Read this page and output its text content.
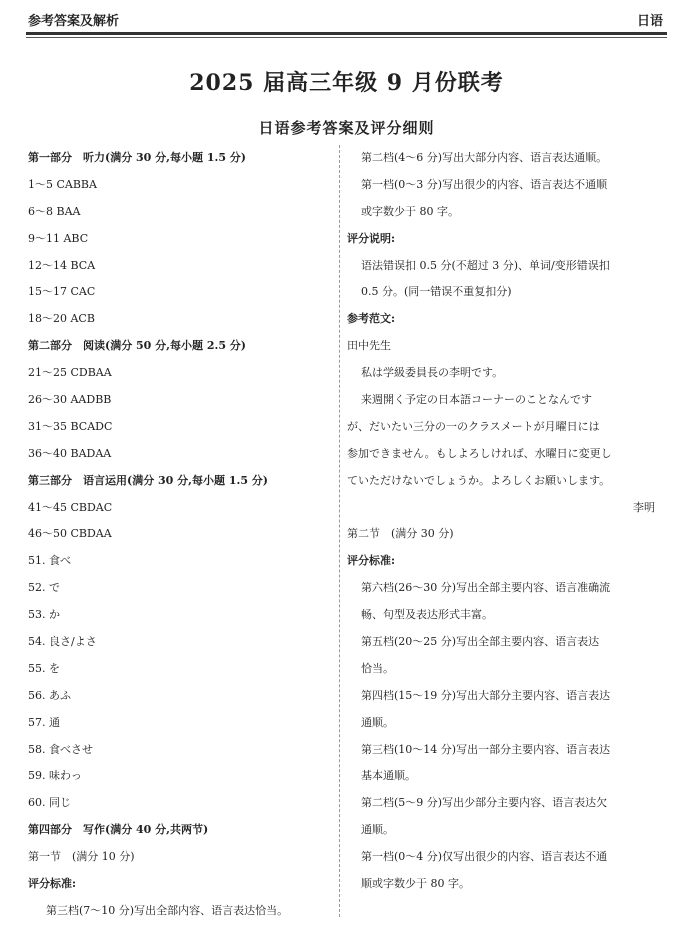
参考答案及解析	日语
2025 届高三年级 9 月份联考
日语参考答案及评分细则
第一部分　听力(满分 30 分,每小题 1.5 分)
1～5 CABBA
6～8 BAA
9～11 ABC
12～14 BCA
15～17 CAC
18～20 ACB
第二部分　阅读(满分 50 分,每小题 2.5 分)
21～25 CDBAA
26～30 AADBB
31～35 BCADC
36～40 BADAA
第三部分　语言运用(满分 30 分,每小题 1.5 分)
41～45 CBDAC
46～50 CBDAA
51. 食べ
52. で
53. か
54. 良さ/よさ
55. を
56. あふ
57. 通
58. 食べさせ
59. 味わっ
60. 同じ
第四部分　写作(满分 40 分,共两节)
第一节　(满分 10 分)
评分标准:
第三档(7～10 分)写出全部内容、语言表达恰当。
第二档(4～6 分)写出大部分内容、语言表达通顺。
第一档(0～3 分)写出很少的内容、语言表达不通顺
或字数少于 80 字。
评分说明:
语法错误扣 0.5 分(不超过 3 分)、单词/变形错误扣
0.5 分。(同一错误不重复扣分)
参考范文:
田中先生
私は学級委員長の李明です。
来週開く予定の日本語コーナーのことなんです
が、だいたい三分の一のクラスメートが月曜日には
参加できません。もしよろしければ、水曜日に変更し
ていただけないでしょうか。よろしくお願いします。
李明
第二节　(满分 30 分)
评分标准:
第六档(26～30 分)写出全部主要内容、语言准确流
畅、句型及表达形式丰富。
第五档(20～25 分)写出全部主要内容、语言表达
恰当。
第四档(15～19 分)写出大部分主要内容、语言表达
通顺。
第三档(10～14 分)写出一部分主要内容、语言表达
基本通顺。
第二档(5～9 分)写出少部分主要内容、语言表达欠
通顺。
第一档(0～4 分)仅写出很少的内容、语言表达不通
顺或字数少于 80 字。
